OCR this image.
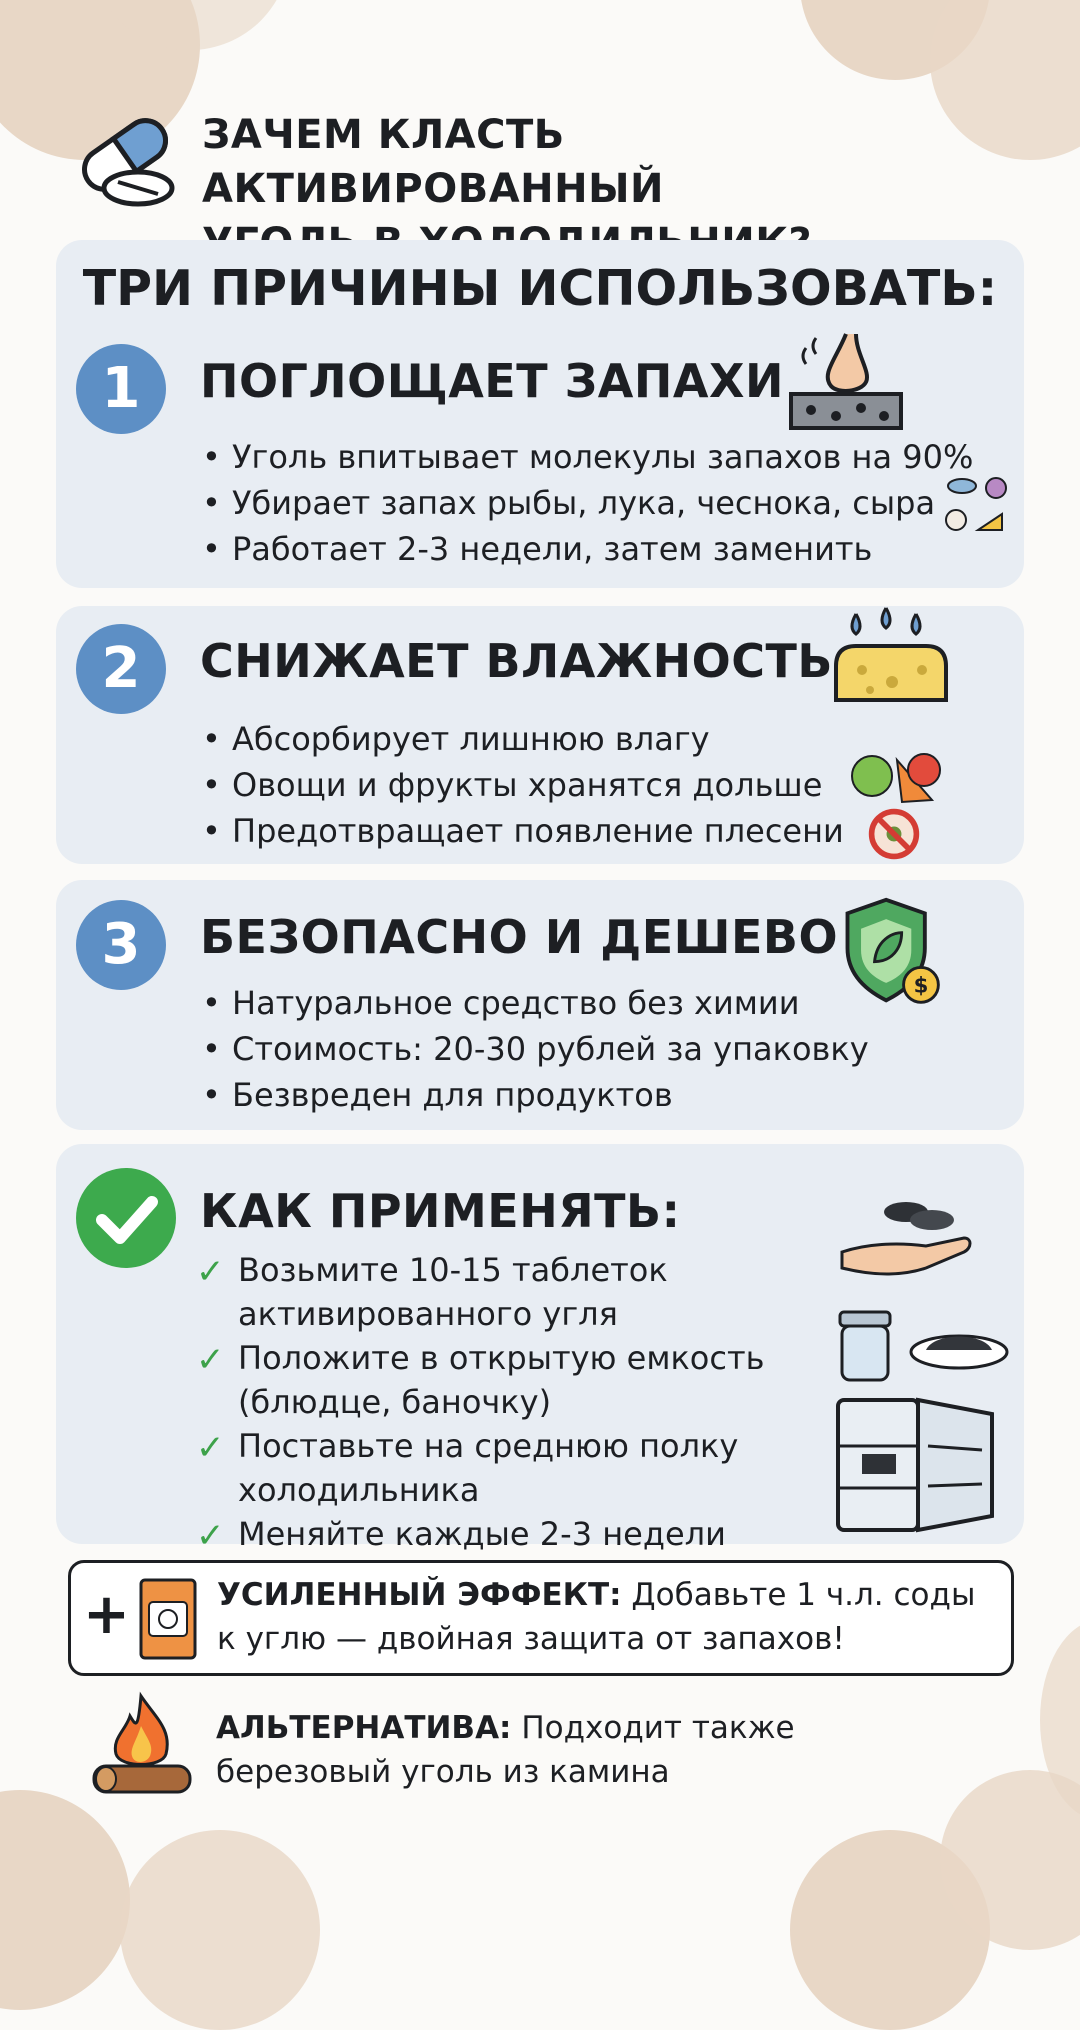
ЗАЧЕМ КЛАСТЬ АКТИВИРОВАННЫЙ
ТРИ ПРИЧИНЫ ИСПОЛЬЗОВАТЬ:
1	ПОГЛОЩАЕТ ЗАПАХИ
• Уголь впитывает молекулы запахов на 90%
• Убирает запах рыбы, лука, чеснока, сыра
• Работает 2-3 недели, затем заменить
2	СНИЖАЕТ ВЛАЖНОСТЬ
• Абсорбирует лишнюю влагу
• Овощи и фрукты хранятся дольше
• Предотвращает появление плесени
3	БЕЗОПАСНО И ДЕШЕВО
$
• Натуральное средство без химии
• Стоимость: 20-30 рублей за упаковку
• Безвреден для продуктов
КАК ПРИМЕНЯТЬ:
✓ Возьмите 10-15 таблеток
активированного угля
✓ Положите в открытую емкость
(блюдце, баночку)
✓ Поставьте на среднюю полку
холодильника
✓ Меняйте каждые 2-3 недели
+	УСИЛЕННЫЙ ЭФФЕКТ: Добавьте 1 ч.л. соды
к углю — двойная защита от запахов!
АЛЬТЕРНАТИВА: Подходит также
березовый уголь из камина
